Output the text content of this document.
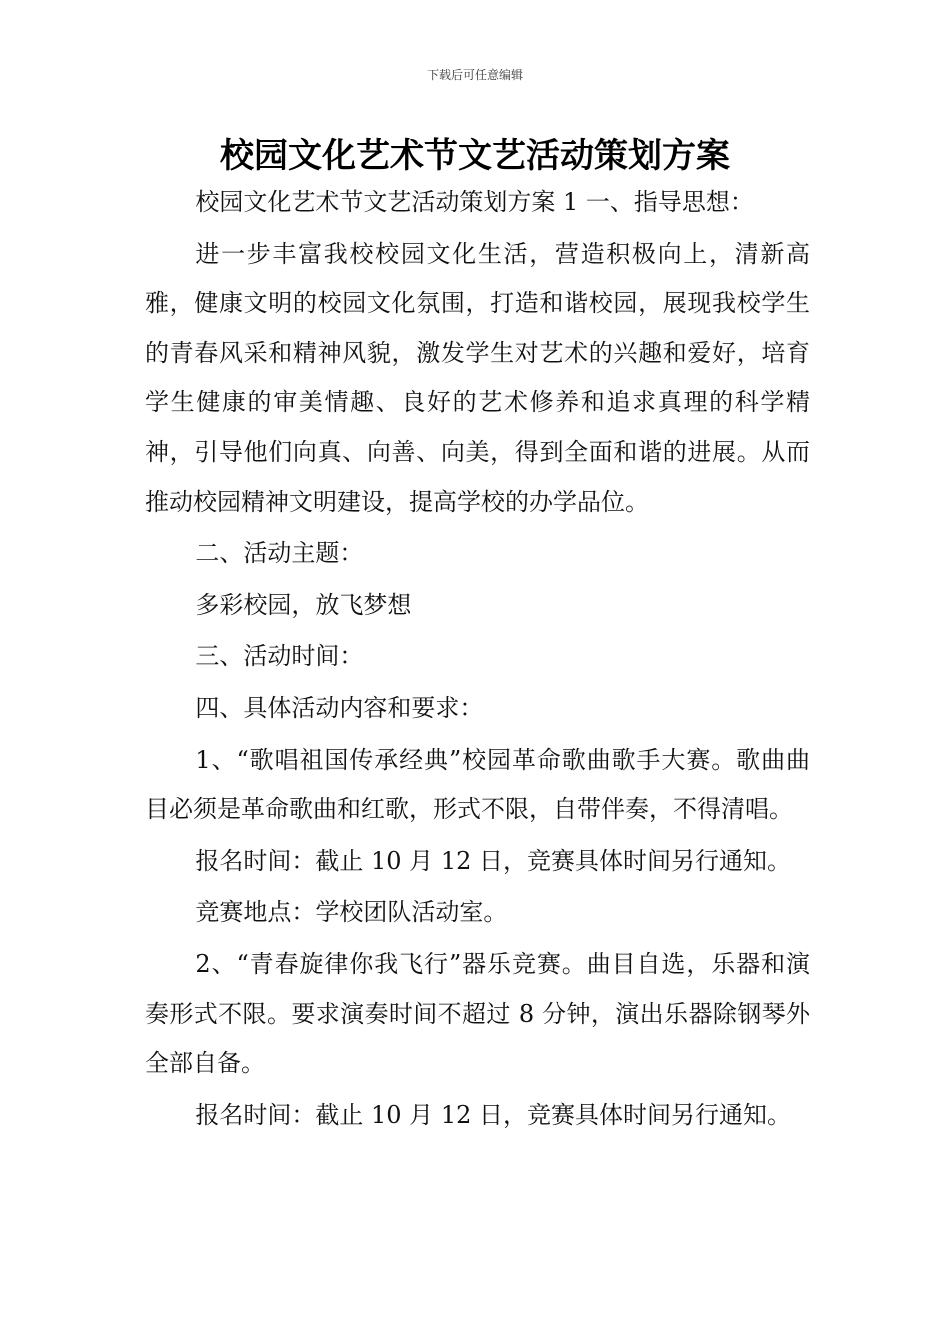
下载后可任意编辑
校园文化艺术节文艺活动策划方案

校园文化艺术节文艺活动策划方案 1 一、指导思想：

进一步丰富我校校园文化生活，营造积极向上，清新高雅，健康文明的校园文化氛围，打造和谐校园，展现我校学生的青春风采和精神风貌，激发学生对艺术的兴趣和爱好，培育学生健康的审美情趣、良好的艺术修养和追求真理的科学精神，引导他们向真、向善、向美，得到全面和谐的进展。从而推动校园精神文明建设，提高学校的办学品位。

二、活动主题：

多彩校园，放飞梦想

三、活动时间：

四、具体活动内容和要求：

1、“歌唱祖国传承经典”校园革命歌曲歌手大赛。歌曲曲目必须是革命歌曲和红歌，形式不限，自带伴奏，不得清唱。

报名时间：截止 10 月 12 日，竞赛具体时间另行通知。

竞赛地点：学校团队活动室。

2、“青春旋律你我飞行”器乐竞赛。曲目自选，乐器和演奏形式不限。要求演奏时间不超过 8 分钟，演出乐器除钢琴外全部自备。

报名时间：截止 10 月 12 日，竞赛具体时间另行通知。
